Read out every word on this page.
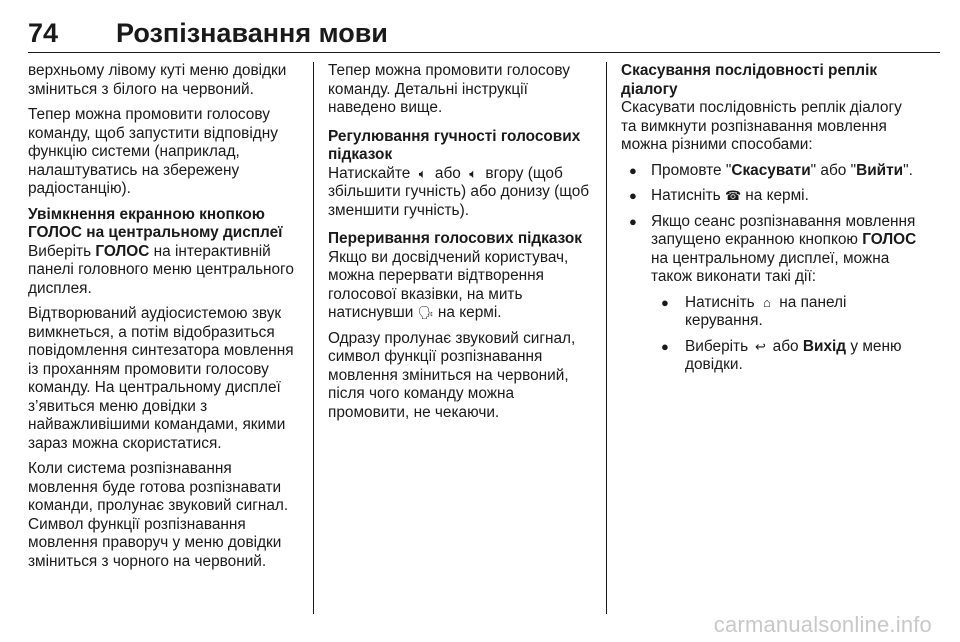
74 Розпізнавання мови

верхньому лівому куті меню довідки зміниться з білого на червоний.

Тепер можна промовити голосову команду, щоб запустити відповідну функцію системи (наприклад, налаштуватись на збережену радіостанцію).

Увімкнення екранною кнопкою ГОЛОС на центральному дисплеї

Виберіть ГОЛОС на інтерактивній панелі головного меню центрального дисплея.

Відтворюваний аудіосистемою звук вимкнеться, а потім відобразиться повідомлення синтезатора мовлення із проханням промовити голосову команду. На центральному дисплеї з’явиться меню довідки з найважливішими командами, якими зараз можна скористатися.

Коли система розпізнавання мовлення буде готова розпізнавати команди, пролунає звуковий сигнал. Символ функції розпізнавання мовлення праворуч у меню довідки зміниться з чорного на червоний.

Тепер можна промовити голосову команду. Детальні інструкції наведено вище.

Регулювання гучності голосових підказок

Натискайте 🔈︎ або 🔈︎ вгору (щоб збільшити гучність) або донизу (щоб зменшити гучність).

Переривання голосових підказок

Якщо ви досвідчений користувач, можна перервати відтворення голосової вказівки, на мить натиснувши 🗣︎ на кермі.

Одразу пролунає звуковий сигнал, символ функції розпізнавання мовлення зміниться на червоний, після чого команду можна промовити, не чекаючи.

Скасування послідовності реплік діалогу

Скасувати послідовність реплік діалогу та вимкнути розпізнавання мовлення можна різними способами:

● Промовте "Скасувати" або "Вийти".
● Натисніть ☎︎ на кермі.
● Якщо сеанс розпізнавання мовлення запущено екранною кнопкою ГОЛОС на центральному дисплеї, можна також виконати такі дії:
● Натисніть ⌂ на панелі керування.
● Виберіть ↩︎ або Вихід у меню довідки.
carmanualsonline.info
